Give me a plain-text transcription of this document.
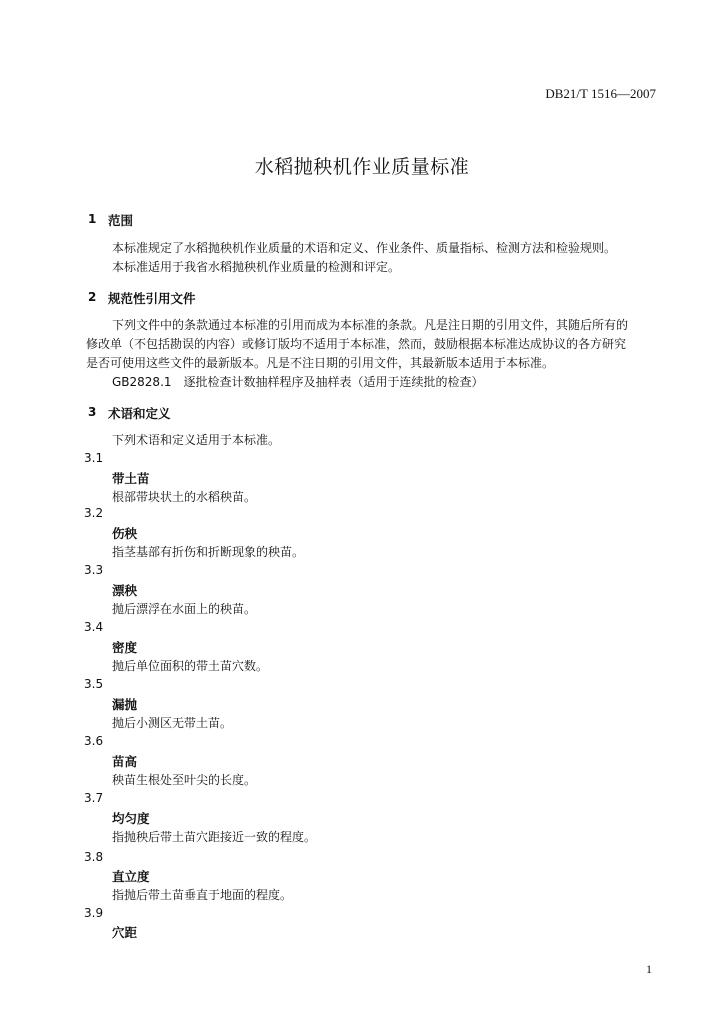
DB21/T 1516—2007
水稻抛秧机作业质量标准
1 范围
本标准规定了水稻抛秧机作业质量的术语和定义、作业条件、质量指标、检测方法和检验规则。
本标准适用于我省水稻抛秧机作业质量的检测和评定。
2 规范性引用文件
下列文件中的条款通过本标准的引用而成为本标准的条款。凡是注日期的引用文件，其随后所有的
修改单（不包括勘误的内容）或修订版均不适用于本标准，然而，鼓励根据本标准达成协议的各方研究
是否可使用这些文件的最新版本。凡是不注日期的引用文件，其最新版本适用于本标准。
GB2828.1　逐批检查计数抽样程序及抽样表（适用于连续批的检查）
3 术语和定义
下列术语和定义适用于本标准。
3.1
带土苗
根部带块状土的水稻秧苗。
3.2
伤秧
指茎基部有折伤和折断现象的秧苗。
3.3
漂秧
抛后漂浮在水面上的秧苗。
3.4
密度
抛后单位面积的带土苗穴数。
3.5
漏抛
抛后小测区无带土苗。
3.6
苗高
秧苗生根处至叶尖的长度。
3.7
均匀度
指抛秧后带土苗穴距接近一致的程度。
3.8
直立度
指抛后带土苗垂直于地面的程度。
3.9
穴距
1
